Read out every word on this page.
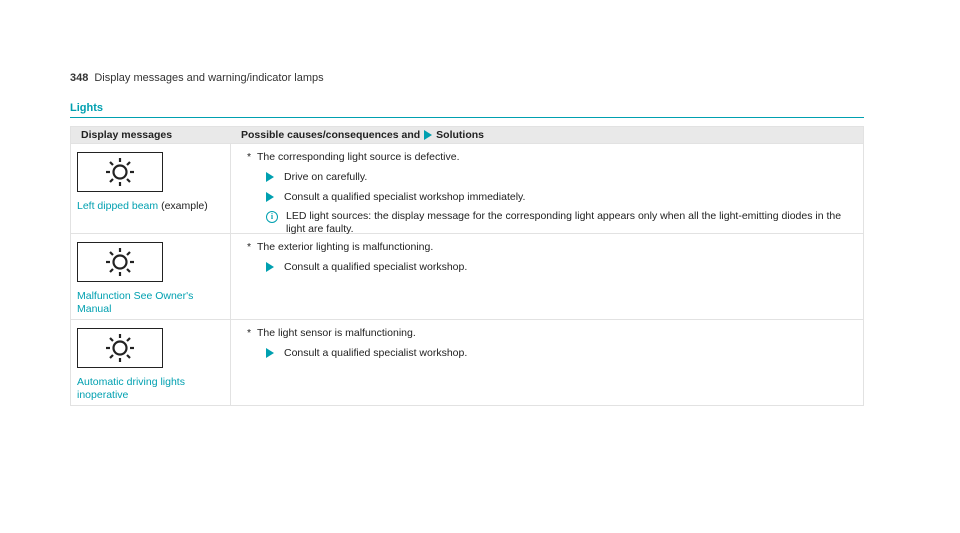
348 Display messages and warning/indicator lamps
Lights
Display messages	Possible causes/consequences and Solutions
Left dipped beam (example)
* The corresponding light source is defective.
Drive on carefully.
Consult a qualified specialist workshop immediately.
i	LED light sources: the display message for the corresponding light appears only when all the light-emitting diodes in the light are faulty.
Malfunction See Owner's Manual
* The exterior lighting is malfunctioning.
Consult a qualified specialist workshop.
Automatic driving lights inoperative
* The light sensor is malfunctioning.
Consult a qualified specialist workshop.
